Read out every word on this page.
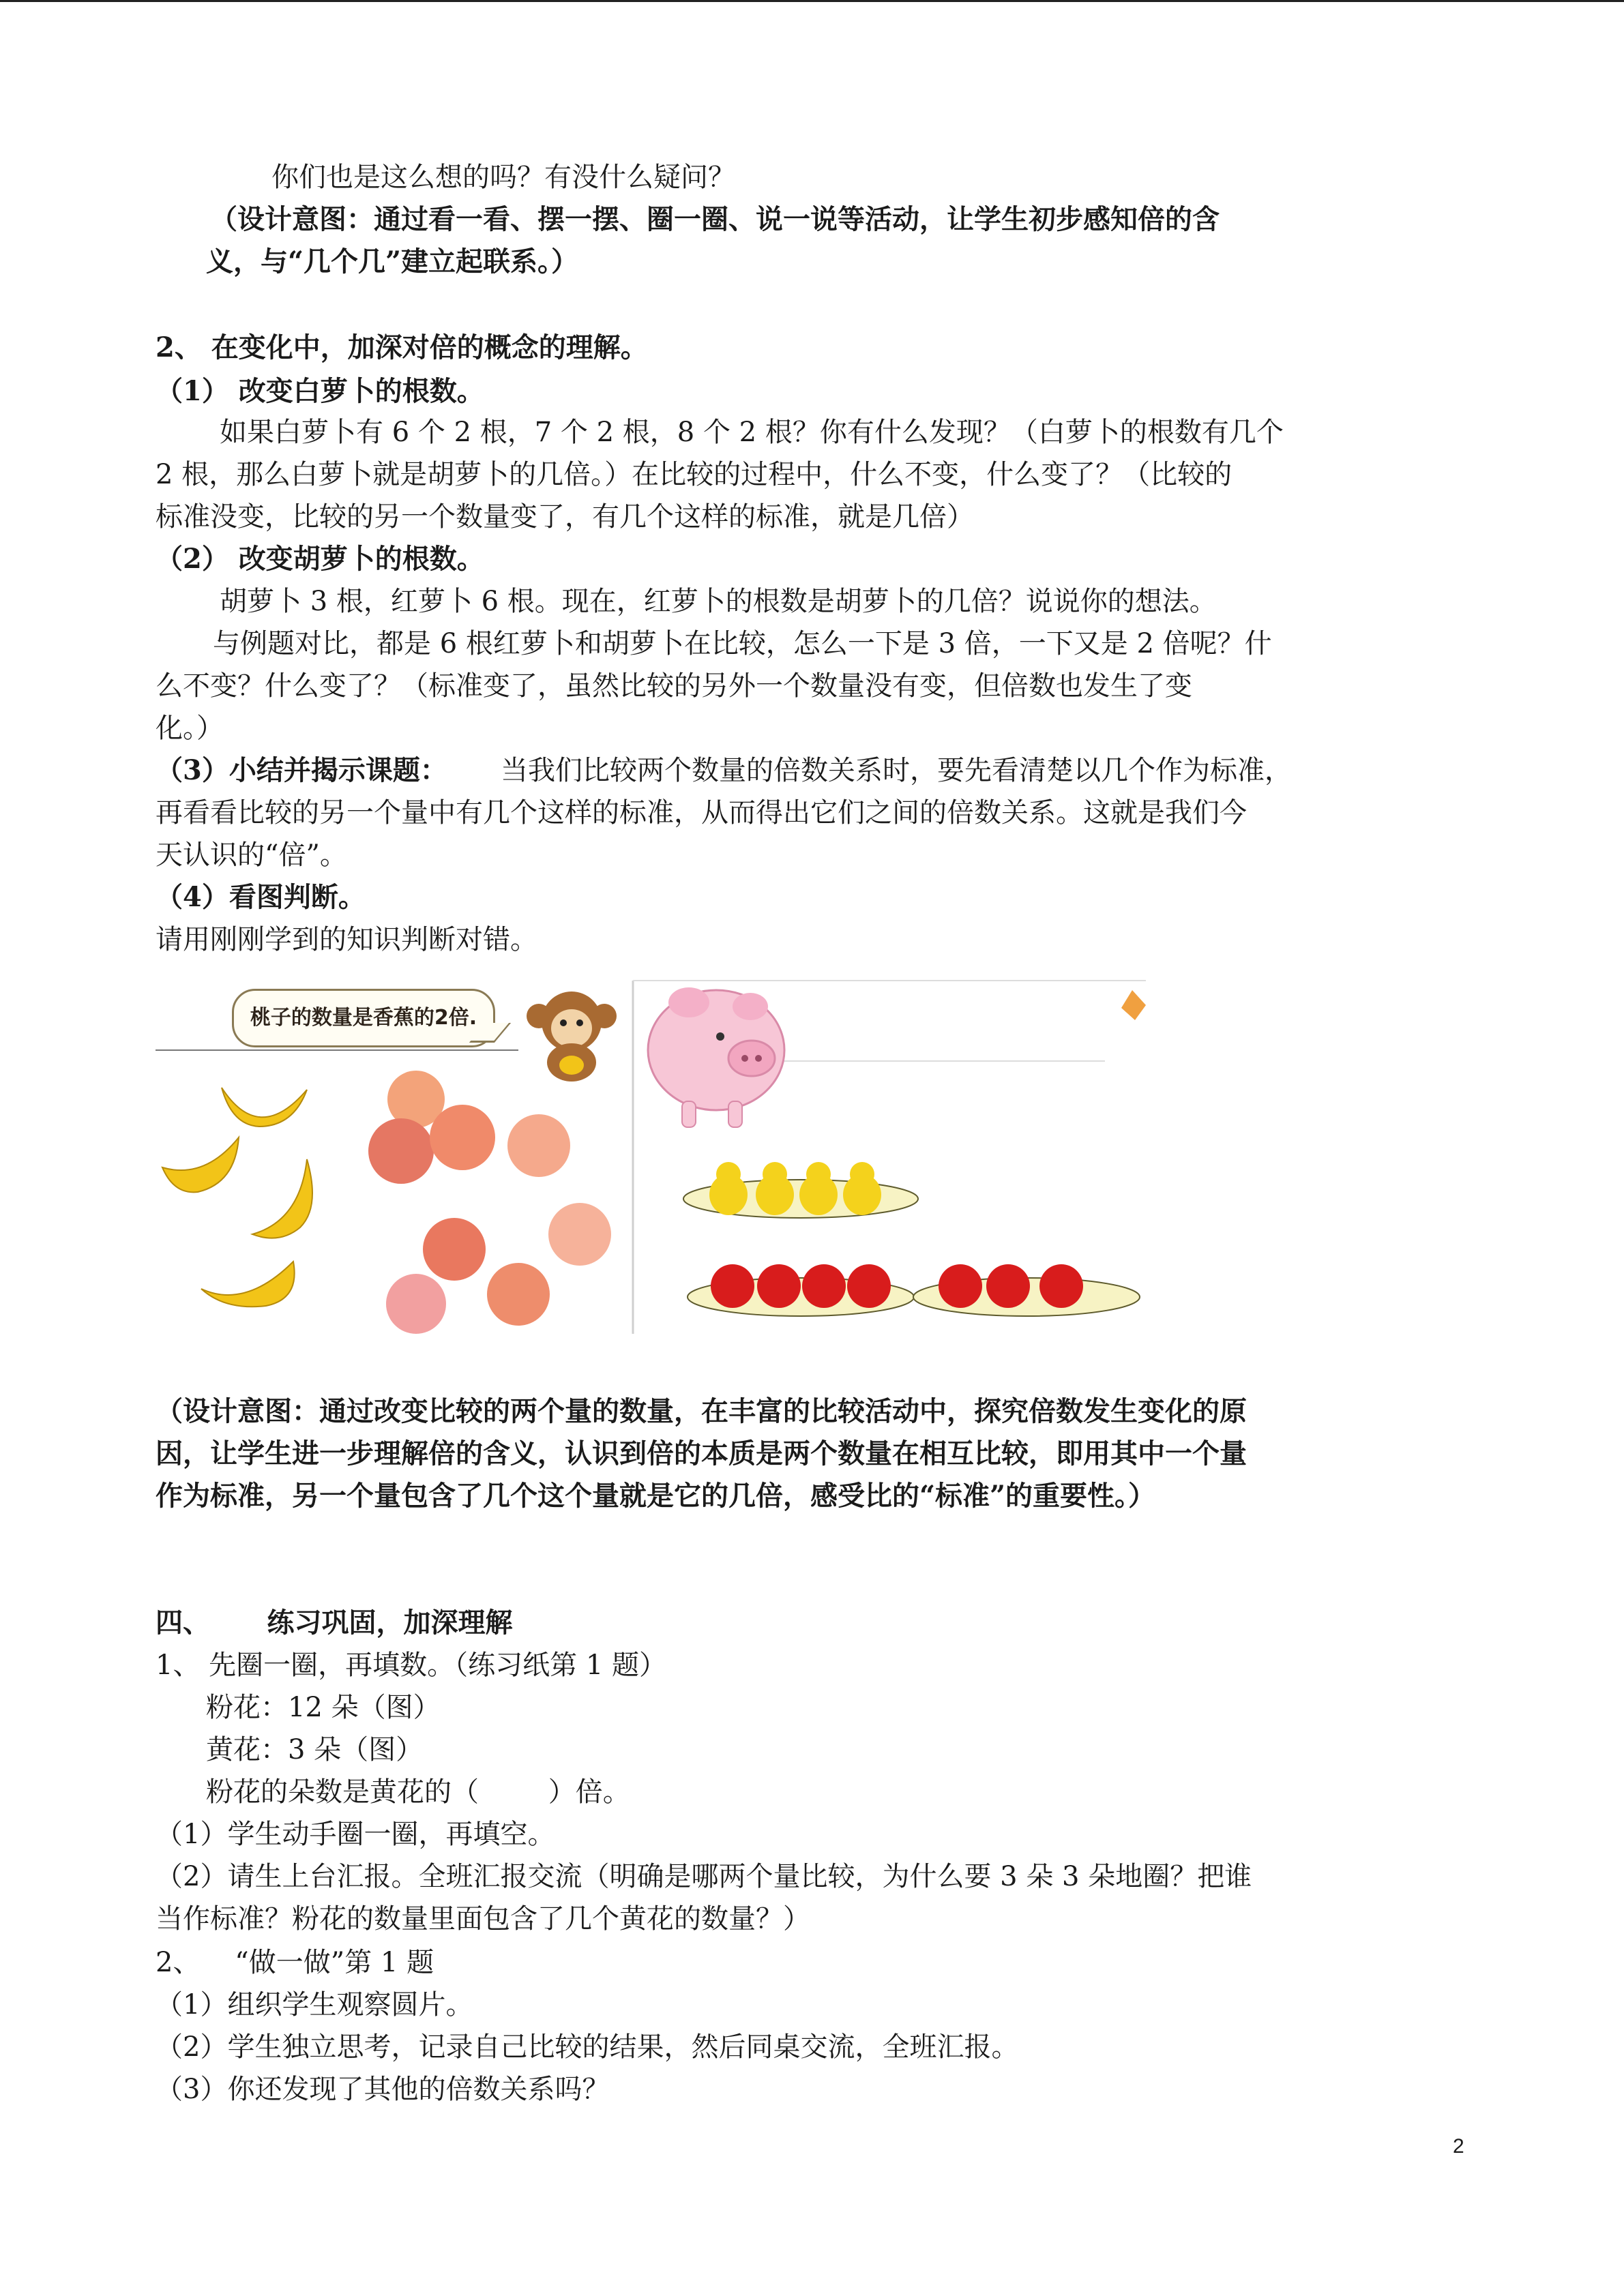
你们也是这么想的吗？有没什么疑问？
（设计意图：通过看一看、摆一摆、圈一圈、说一说等活动，让学生初步感知倍的含
义，与“几个几”建立起联系。）
2、 在变化中，加深对倍的概念的理解。
（1） 改变白萝卜的根数。
如果白萝卜有 6 个 2 根，7 个 2 根，8 个 2 根？你有什么发现？（白萝卜的根数有几个
2 根，那么白萝卜就是胡萝卜的几倍。）在比较的过程中，什么不变，什么变了？（比较的
标准没变，比较的另一个数量变了，有几个这样的标准，就是几倍）
（2） 改变胡萝卜的根数。
胡萝卜 3 根，红萝卜 6 根。现在，红萝卜的根数是胡萝卜的几倍？说说你的想法。
与例题对比，都是 6 根红萝卜和胡萝卜在比较，怎么一下是 3 倍，一下又是 2 倍呢？什
么不变？什么变了？（标准变了，虽然比较的另外一个数量没有变，但倍数也发生了变
化。）
（3）小结并揭示课题： 当我们比较两个数量的倍数关系时，要先看清楚以几个作为标准，
再看看比较的另一个量中有几个这样的标准，从而得出它们之间的倍数关系。这就是我们今
天认识的“倍”。
（4）看图判断。
请用刚刚学到的知识判断对错。
（设计意图：通过改变比较的两个量的数量，在丰富的比较活动中，探究倍数发生变化的原
因，让学生进一步理解倍的含义，认识到倍的本质是两个数量在相互比较，即用其中一个量
作为标准，另一个量包含了几个这个量就是它的几倍，感受比的“标准”的重要性。）
四、      练习巩固，加深理解
1、 先圈一圈，再填数。（练习纸第 1 题）
粉花：12 朵（图）
黄花：3 朵（图）
粉花的朵数是黄花的（        ）倍。
（1）学生动手圈一圈，再填空。
（2）请生上台汇报。全班汇报交流（明确是哪两个量比较，为什么要 3 朵 3 朵地圈？把谁
当作标准？粉花的数量里面包含了几个黄花的数量？）
2、    “做一做”第 1 题
（1）组织学生观察圆片。
（2）学生独立思考，记录自己比较的结果，然后同桌交流，全班汇报。
（3）你还发现了其他的倍数关系吗？
桃子的数量是香蕉的2倍.
2
